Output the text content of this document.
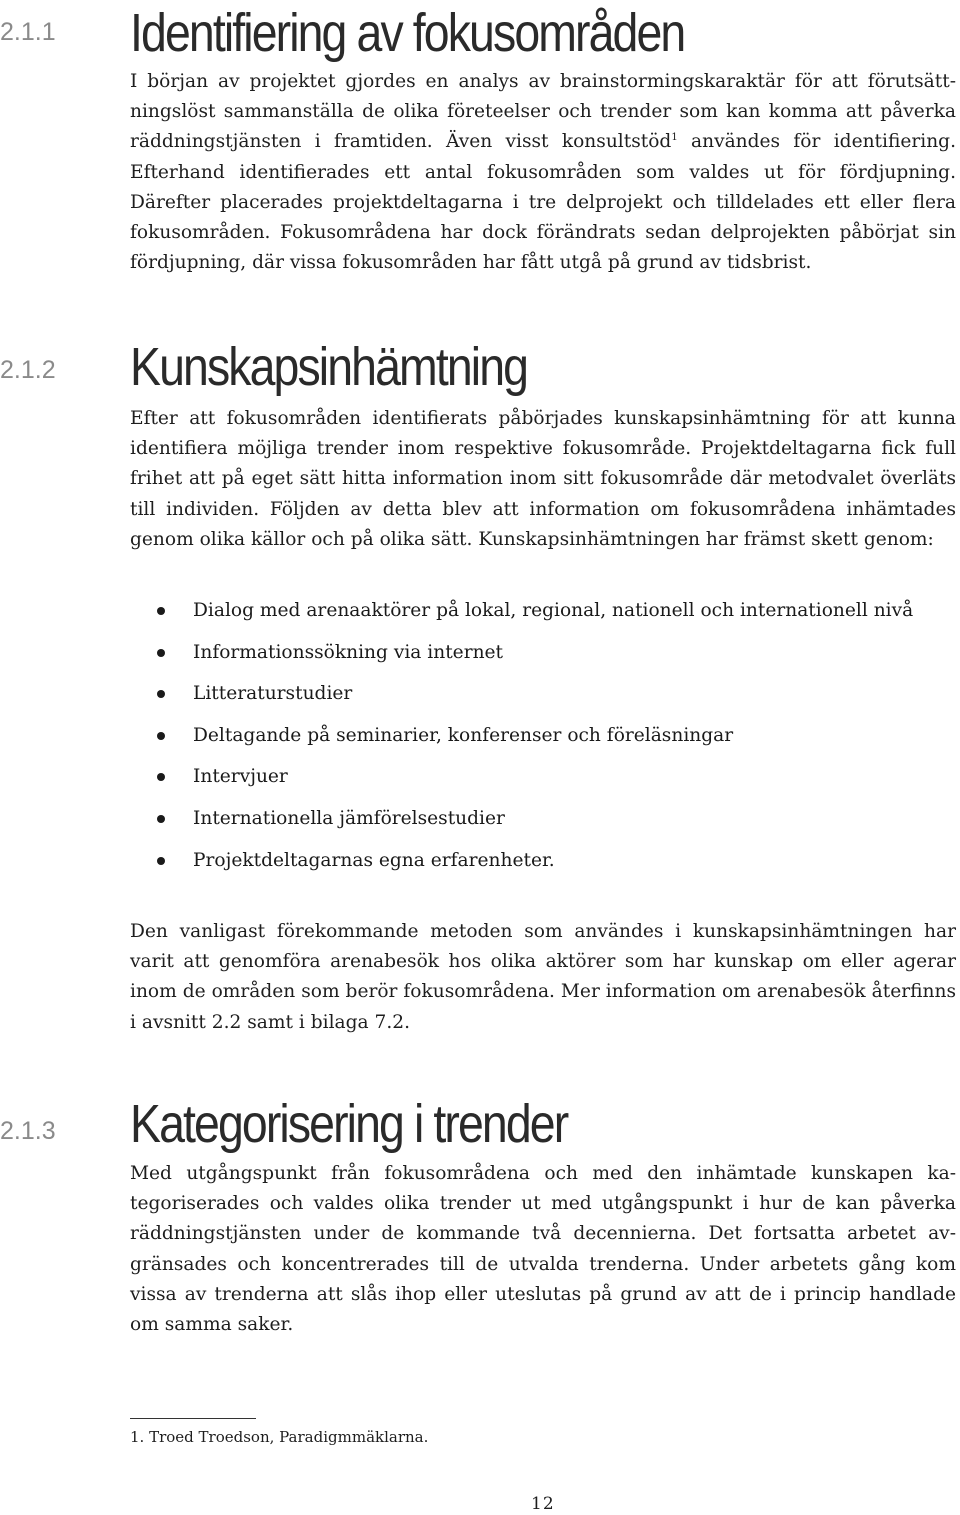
2.1.1 Identifiering av fokusområden

I början av projektet gjordes en analys av brainstormingskaraktär för att förutsättningslöst sammanställa de olika företeelser och trender som kan komma att påverka räddningstjänsten i framtiden. Även visst konsultstöd$^1$ användes för identifiering. Efterhand identifierades ett antal fokusområden som valdes ut för fördjupning. Därefter placerades projektdeltagarna i tre delprojekt och tilldelades ett eller flera fokusområden. Fokusområdena har dock förändrats sedan delprojekten påbörjat sin fördjupning, där vissa fokusområden har fått utgå på grund av tidsbrist.

2.1.2 Kunskapsinhämtning

Efter att fokusområden identifierats påbörjades kunskapsinhämtning för att kunna identifiera möjliga trender inom respektive fokusområde. Projektdeltagarna fick full frihet att på eget sätt hitta information inom sitt fokusområde där metodvalet överläts till individen. Följden av detta blev att information om fokusområdena inhämtades genom olika källor och på olika sätt. Kunskapsinhämtningen har främst skett genom:

Dialog med arenaaktörer på lokal, regional, nationell och internationell nivå
Informationssökning via internet
Litteraturstudier
Deltagande på seminarier, konferenser och föreläsningar
Intervjuer
Internationella jämförelsestudier
Projektdeltagarnas egna erfarenheter.

Den vanligast förekommande metoden som användes i kunskapsinhämtningen har varit att genomföra arenabesök hos olika aktörer som har kunskap om eller agerar inom de områden som berör fokusområdena. Mer information om arenabesök återfinns i avsnitt 2.2 samt i bilaga 7.2.

2.1.3 Kategorisering i trender

Med utgångspunkt från fokusområdena och med den inhämtade kunskapen kategoriserades och valdes olika trender ut med utgångspunkt i hur de kan påverka räddningstjänsten under de kommande två decennierna. Det fortsatta arbetet avgränsades och koncentrerades till de utvalda trenderna. Under arbetets gång kom vissa av trenderna att slås ihop eller uteslutas på grund av att de i princip handlade om samma saker.

1. Troed Troedson, Paradigmmäklarna.
12
